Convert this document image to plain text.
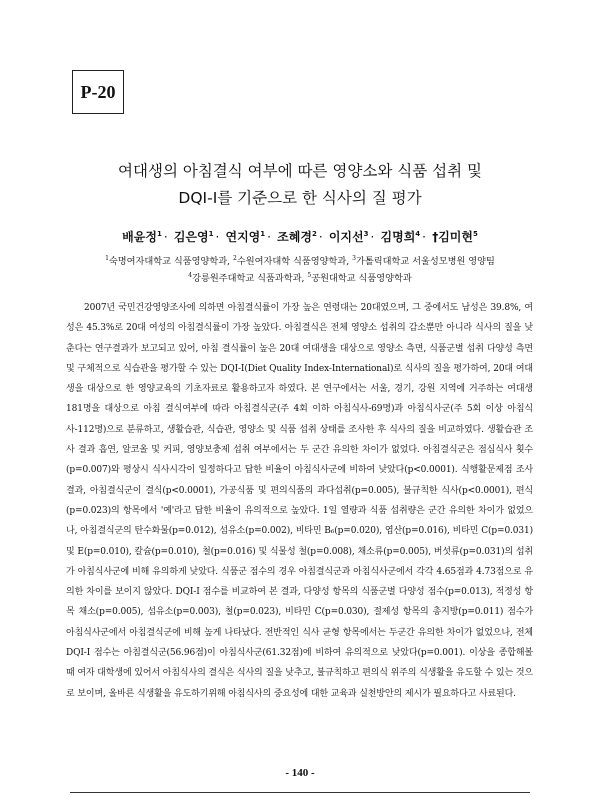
P-20
여대생의 아침결식 여부에 따른 영양소와 식품 섭취 및
DQI-I를 기준으로 한 식사의 질 평가
배윤정$^1$ · 김은영$^1$ · 연지영$^1$ · 조혜경$^2$ · 이지선$^3$ · 김명희$^4$ · †김미현$^5$
$^1$숙명여자대학교 식품영양학과, $^2$수원여자대학 식품영양학과, $^3$가톨릭대학교 서울성모병원 영양팀
$^4$강릉원주대학교 식품과학과, $^5$공원대학교 식품영양학과

2007년 국민건강영양조사에 의하면 아침결식률이 가장 높은 연령대는 20대였으며, 그 중에서도 남성은 39.8%, 여성은 45.3%로 20대 여성의 아침결식률이 가장 높았다. 아침결식은 전체 영양소 섭취의 감소뿐만 아니라 식사의 질을 낮춘다는 연구결과가 보고되고 있어, 아침 결식률이 높은 20대 여대생을 대상으로 영양소 측면, 식품군별 섭취 다양성 측면 및 구체적으로 식습관을 평가할 수 있는 DQI-I(Diet Quality Index-International)로 식사의 질을 평가하여, 20대 여대생을 대상으로 한 영양교육의 기초자료로 활용하고자 하였다. 본 연구에서는 서울, 경기, 강원 지역에 거주하는 여대생 181명을 대상으로 아침 결식여부에 따라 아침결식군(주 4회 이하 아침식사-69명)과 아침식사군(주 5회 이상 아침식사-112명)으로 분류하고, 생활습관, 식습관, 영양소 및 식품 섭취 상태를 조사한 후 식사의 질을 비교하였다. 생활습관 조사 결과 흡연, 알코올 및 커피, 영양보충제 섭취 여부에서는 두 군간 유의한 차이가 없었다. 아침결식군은 점심식사 횟수(p=0.007)와 평상시 식사시각이 일정하다고 답한 비율이 아침식사군에 비하여 낮았다(p<0.0001). 식행활문제점 조사 결과, 아침결식군이 결식(p<0.0001), 가공식품 및 편의식품의 과다섭취(p=0.005), 불규칙한 식사(p<0.0001), 편식(p=0.023)의 항목에서 '예'라고 답한 비율이 유의적으로 높았다. 1일 열량과 식품 섭취량은 군간 유의한 차이가 없었으나, 아침결식군의 탄수화물(p=0.012), 섬유소(p=0.002), 비타민 B₆(p=0.020), 엽산(p=0.016), 비타민 C(p=0.031) 및 E(p=0.010), 칼슘(p=0.010), 철(p=0.016) 및 식물성 철(p=0.008), 채소류(p=0.005), 버섯류(p=0.031)의 섭취가 아침식사군에 비해 유의하게 낮았다. 식품군 점수의 경우 아침결식군과 아침식사군에서 각각 4.65점과 4.73점으로 유의한 차이를 보이지 않았다. DQI-I 점수를 비교하여 본 결과, 다양성 항목의 식품군별 다양성 점수(p=0.013), 적정성 항목 채소(p=0.005), 섬유소(p=0.003), 철(p=0.023), 비타민 C(p=0.030), 절제성 항목의 총지방(p=0.011) 점수가 아침식사군에서 아침결식군에 비해 높게 나타났다. 전반적인 식사 균형 항목에서는 두군간 유의한 차이가 없었으나, 전체 DQI-I 점수는 아침결식군(56.96점)이 아침식사군(61.32점)에 비하여 유의적으로 낮았다(p=0.001). 이상을 종합해볼 때 여자 대학생에 있어서 아침식사의 결식은 식사의 질을 낮추고, 불규칙하고 편의식 위주의 식생활을 유도할 수 있는 것으로 보이며, 올바른 식생활을 유도하기위해 아침식사의 중요성에 대한 교육과 실천방안의 제시가 필요하다고 사료된다.

- 140 -
